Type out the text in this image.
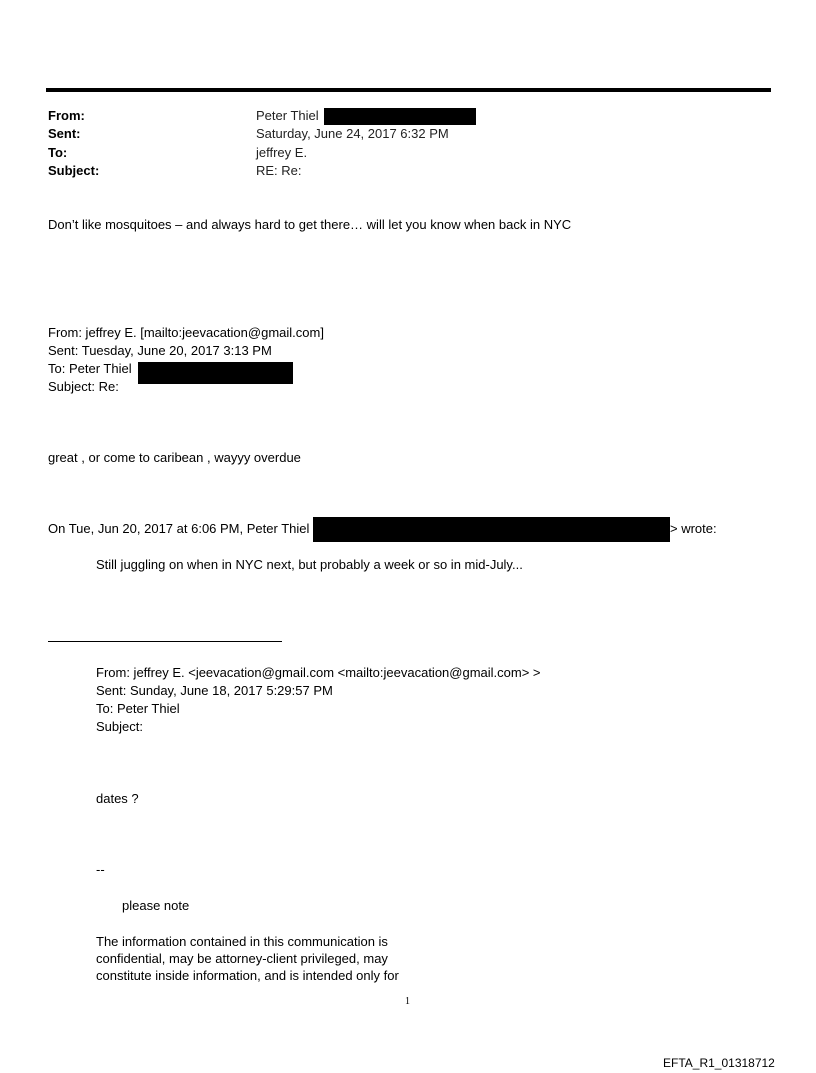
From:	Peter Thiel
Sent:	Saturday, June 24, 2017 6:32 PM
To:	jeffrey E.
Subject:	RE: Re:
Don’t like mosquitoes – and always hard to get there… will let you know when back in NYC
From: jeffrey E. [mailto:jeevacation@gmail.com]
Sent: Tuesday, June 20, 2017 3:13 PM
To: Peter Thiel
Subject: Re:
great , or come to caribean , wayyy overdue
On Tue, Jun 20, 2017 at 6:06 PM, Peter Thiel	> wrote:
Still juggling on when in NYC next, but probably a week or so in mid-July...
From: jeffrey E. <jeevacation@gmail.com <mailto:jeevacation@gmail.com> >
Sent: Sunday, June 18, 2017 5:29:57 PM
To: Peter Thiel
Subject:
dates ?
--
please note
The information contained in this communication is
confidential, may be attorney-client privileged, may
constitute inside information, and is intended only for
1
EFTA_R1_01318712
